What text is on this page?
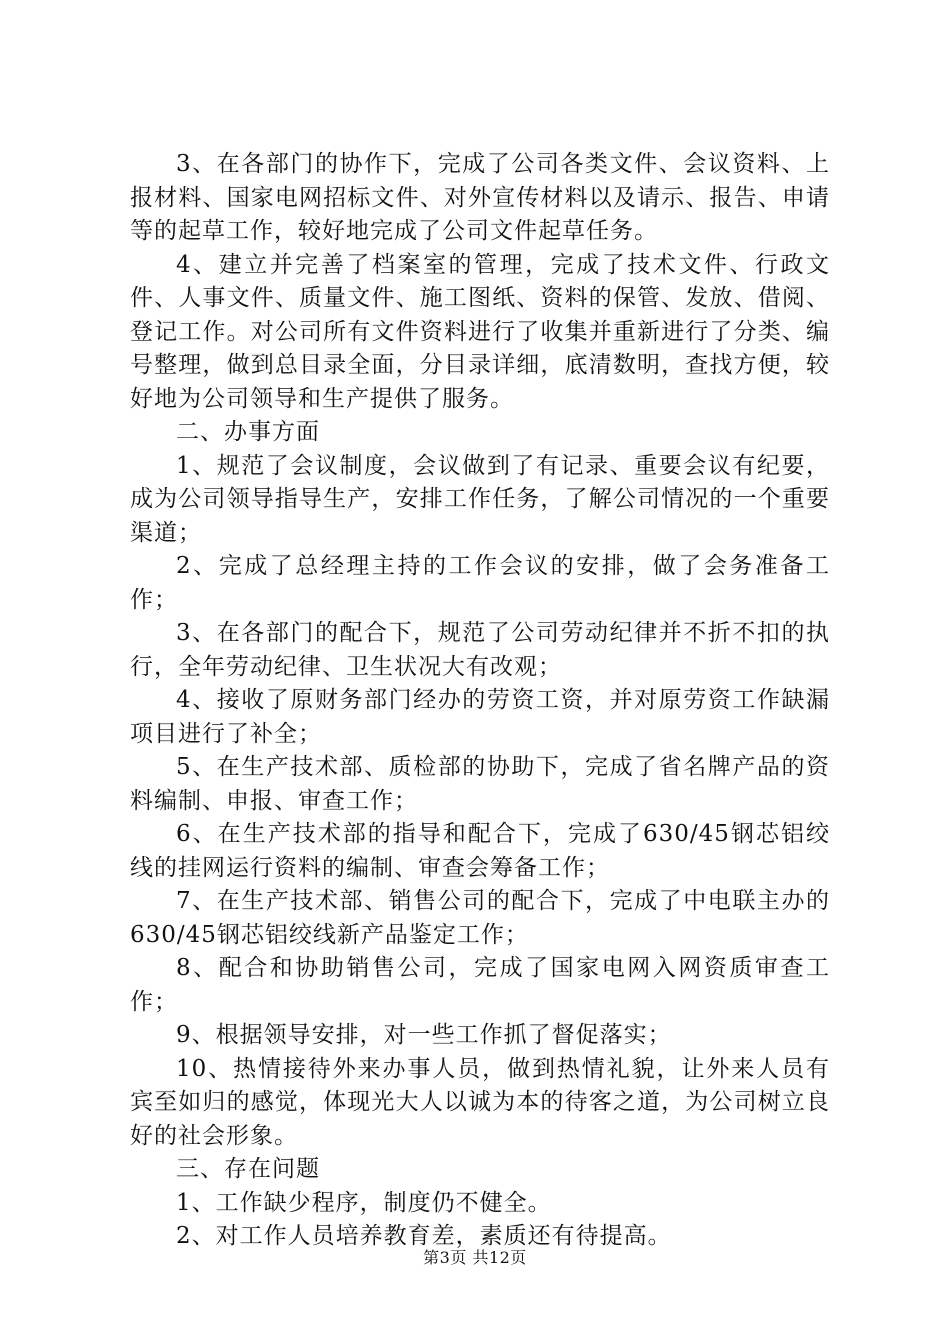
3、在各部门的协作下，完成了公司各类文件、会议资料、上报材料、国家电网招标文件、对外宣传材料以及请示、报告、申请等的起草工作，较好地完成了公司文件起草任务。

4、建立并完善了档案室的管理，完成了技术文件、行政文件、人事文件、质量文件、施工图纸、资料的保管、发放、借阅、登记工作。对公司所有文件资料进行了收集并重新进行了分类、编号整理，做到总目录全面，分目录详细，底清数明，查找方便，较好地为公司领导和生产提供了服务。

二、办事方面

1、规范了会议制度，会议做到了有记录、重要会议有纪要，成为公司领导指导生产，安排工作任务，了解公司情况的一个重要渠道；

2、完成了总经理主持的工作会议的安排，做了会务准备工作；

3、在各部门的配合下，规范了公司劳动纪律并不折不扣的执行，全年劳动纪律、卫生状况大有改观；

4、接收了原财务部门经办的劳资工资，并对原劳资工作缺漏项目进行了补全；

5、在生产技术部、质检部的协助下，完成了省名牌产品的资料编制、申报、审查工作；

6、在生产技术部的指导和配合下，完成了630/45钢芯铝绞线的挂网运行资料的编制、审查会筹备工作；

7、在生产技术部、销售公司的配合下，完成了中电联主办的630/45钢芯铝绞线新产品鉴定工作；

8、配合和协助销售公司，完成了国家电网入网资质审查工作；

9、根据领导安排，对一些工作抓了督促落实；

10、热情接待外来办事人员，做到热情礼貌，让外来人员有宾至如归的感觉，体现光大人以诚为本的待客之道，为公司树立良好的社会形象。

三、存在问题

1、工作缺少程序，制度仍不健全。

2、对工作人员培养教育差，素质还有待提高。

第3页 共12页
